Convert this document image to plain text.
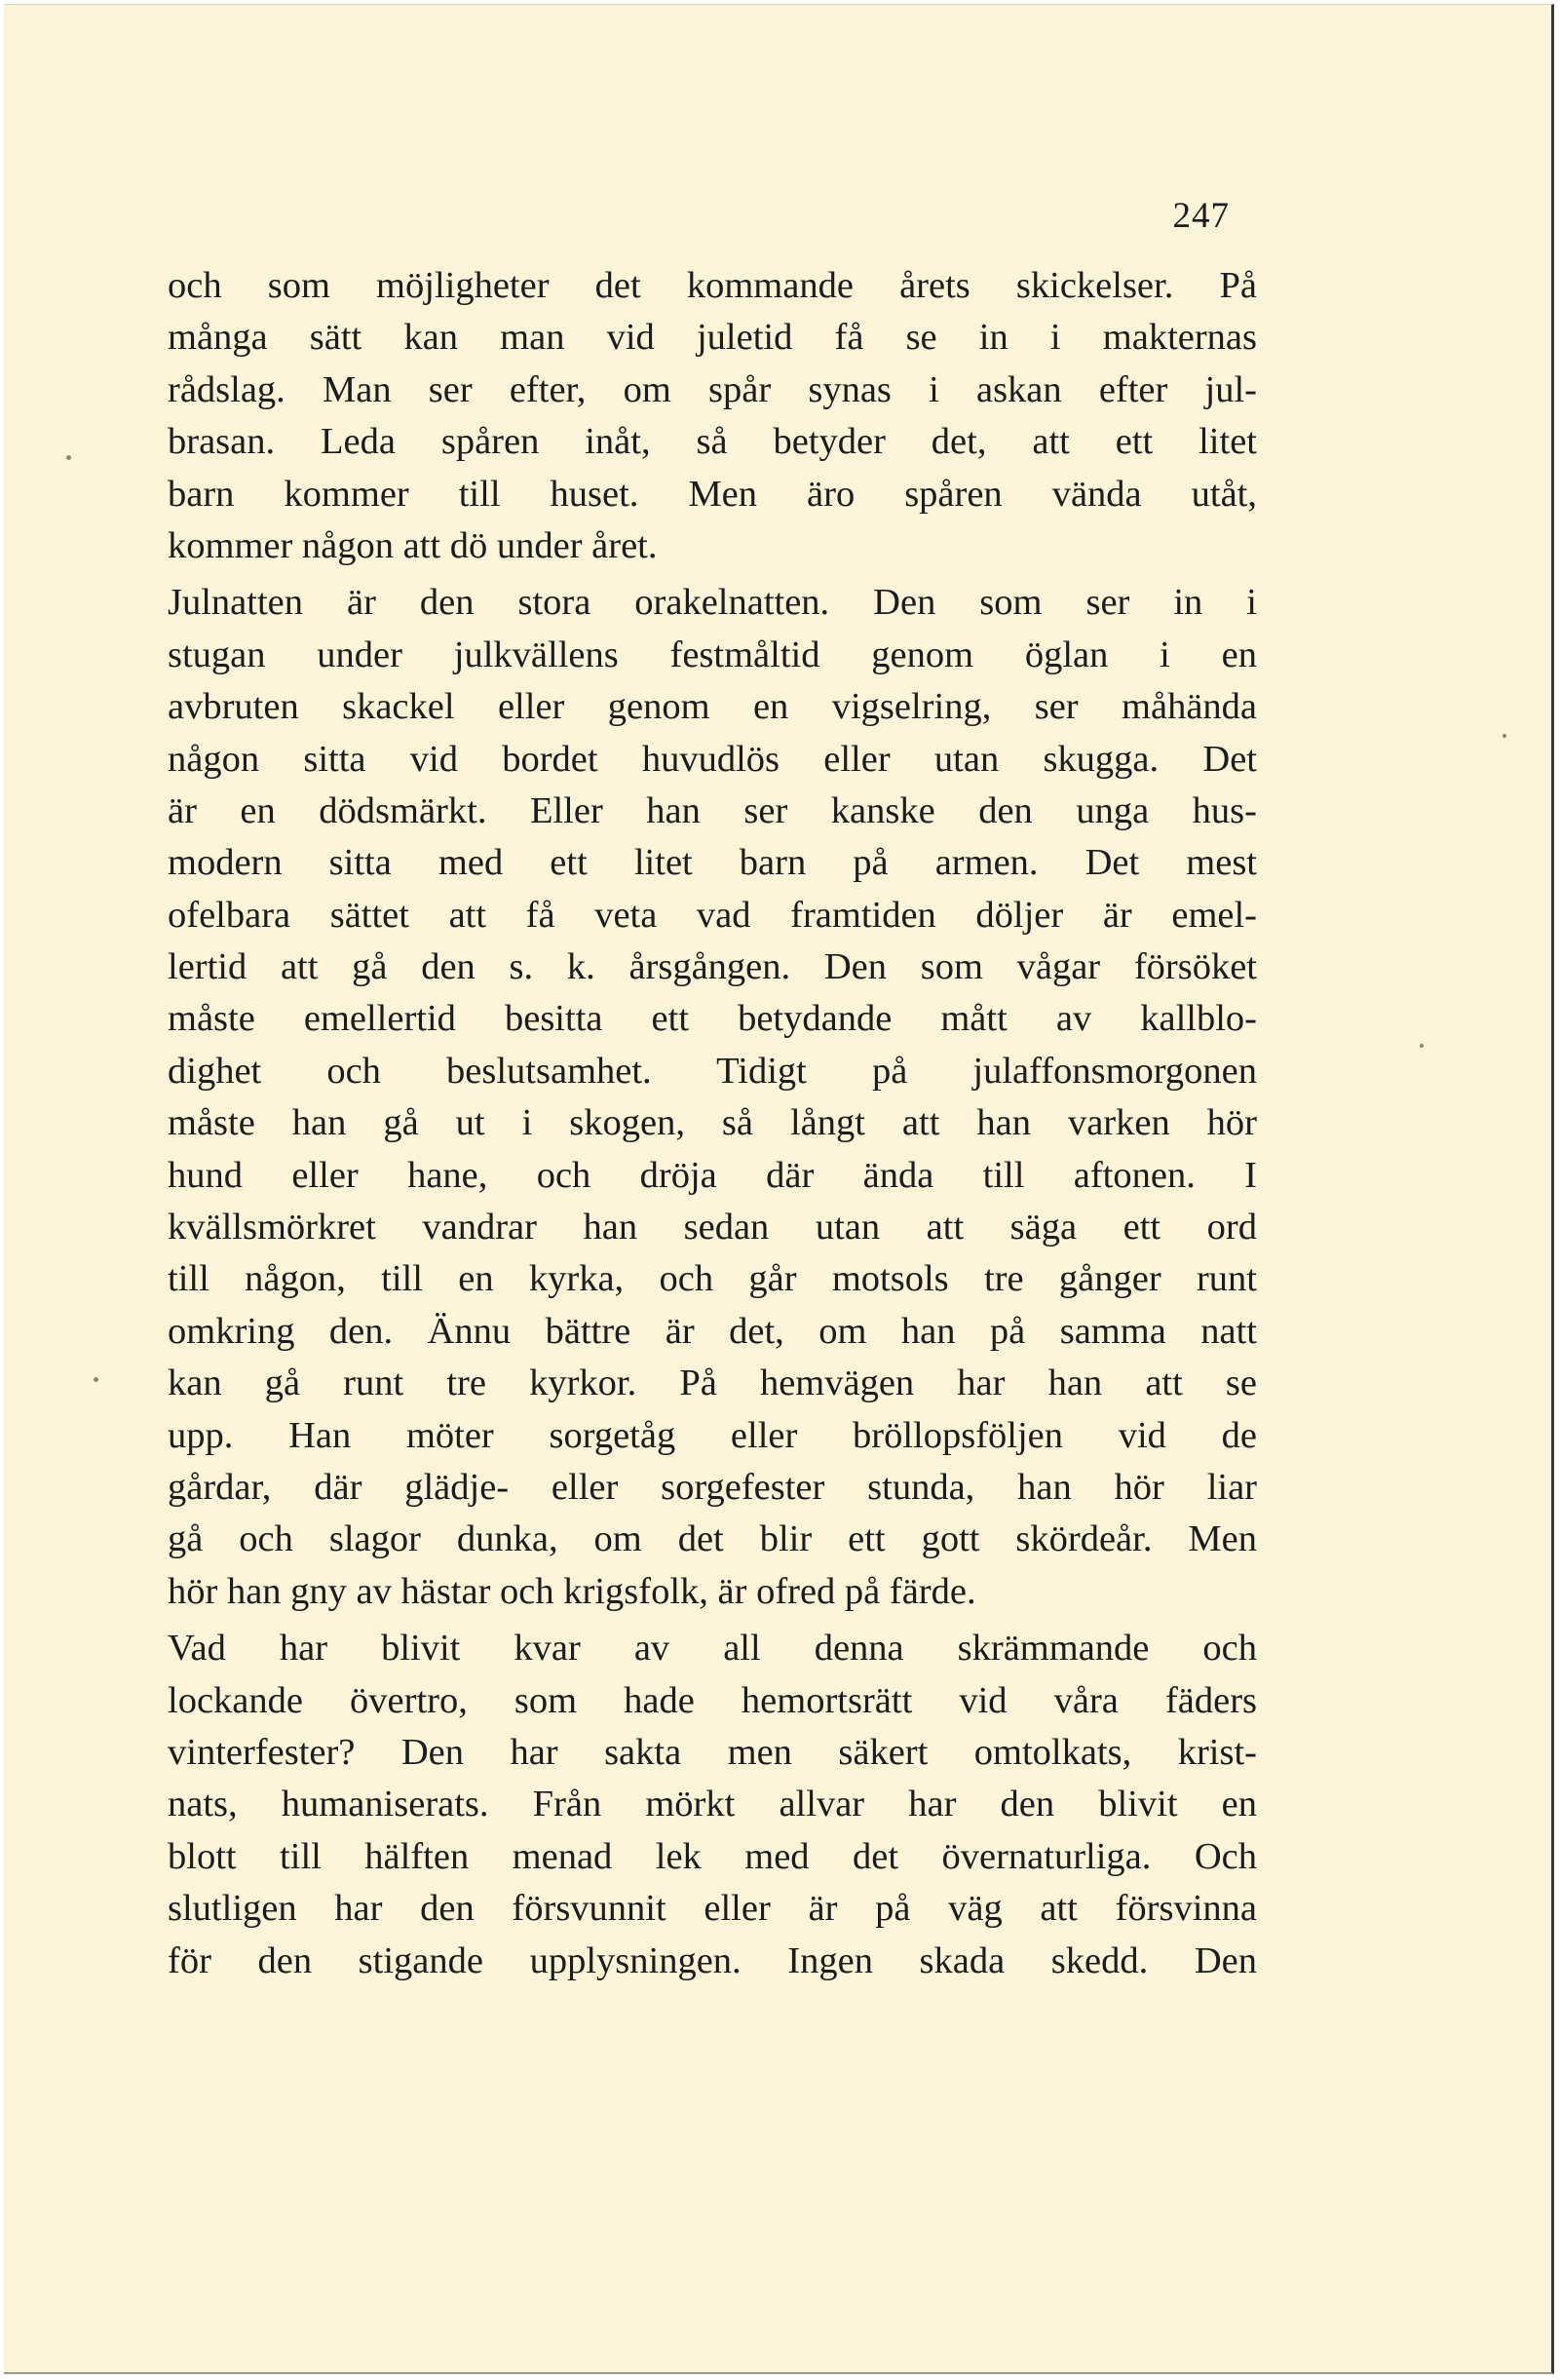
247

och som möjligheter det kommande årets skickelser. På
många sätt kan man vid juletid få se in i makternas
rådslag. Man ser efter, om spår synas i askan efter jul-
brasan. Leda spåren inåt, så betyder det, att ett litet
barn kommer till huset. Men äro spåren vända utåt,
kommer någon att dö under året.
Julnatten är den stora orakelnatten. Den som ser in i
stugan under julkvällens festmåltid genom öglan i en
avbruten skackel eller genom en vigselring, ser måhända
någon sitta vid bordet huvudlös eller utan skugga. Det
är en dödsmärkt. Eller han ser kanske den unga hus-
modern sitta med ett litet barn på armen. Det mest
ofelbara sättet att få veta vad framtiden döljer är emel-
lertid att gå den s. k. årsgången. Den som vågar försöket
måste emellertid besitta ett betydande mått av kallblo-
dighet och beslutsamhet. Tidigt på julaffonsmorgonen
måste han gå ut i skogen, så långt att han varken hör
hund eller hane, och dröja där ända till aftonen. I
kvällsmörkret vandrar han sedan utan att säga ett ord
till någon, till en kyrka, och går motsols tre gånger runt
omkring den. Ännu bättre är det, om han på samma natt
kan gå runt tre kyrkor. På hemvägen har han att se
upp. Han möter sorgetåg eller bröllopsföljen vid de
gårdar, där glädje- eller sorgefester stunda, han hör liar
gå och slagor dunka, om det blir ett gott skördeår. Men
hör han gny av hästar och krigsfolk, är ofred på färde.
Vad har blivit kvar av all denna skrämmande och
lockande övertro, som hade hemortsrätt vid våra fäders
vinterfester? Den har sakta men säkert omtolkats, krist-
nats, humaniserats. Från mörkt allvar har den blivit en
blott till hälften menad lek med det övernaturliga. Och
slutligen har den försvunnit eller är på väg att försvinna
för den stigande upplysningen. Ingen skada skedd. Den
